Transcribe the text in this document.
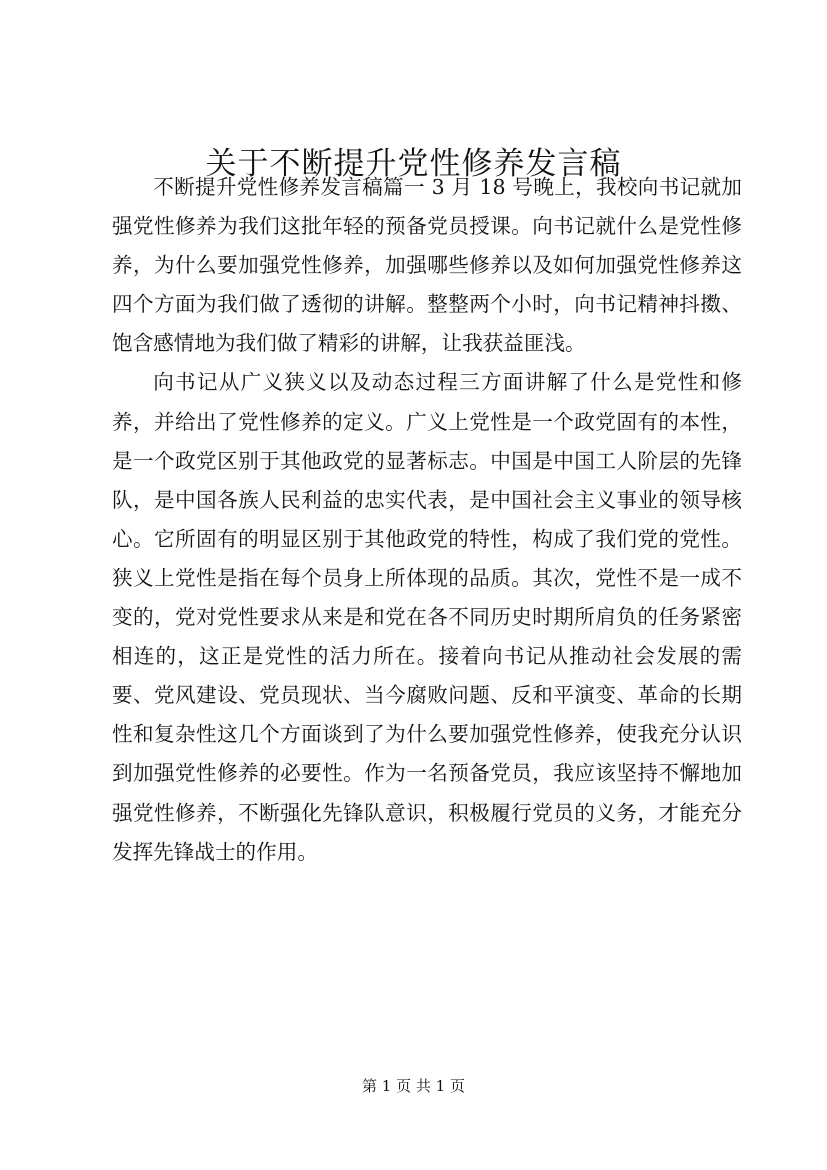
关于不断提升党性修养发言稿

不断提升党性修养发言稿篇一 3 月 18 号晚上，我校向书记就加强党性修养为我们这批年轻的预备党员授课。向书记就什么是党性修养，为什么要加强党性修养，加强哪些修养以及如何加强党性修养这四个方面为我们做了透彻的讲解。整整两个小时，向书记精神抖擞、饱含感情地为我们做了精彩的讲解，让我获益匪浅。

向书记从广义狭义以及动态过程三方面讲解了什么是党性和修养，并给出了党性修养的定义。广义上党性是一个政党固有的本性，是一个政党区别于其他政党的显著标志。中国是中国工人阶层的先锋队，是中国各族人民利益的忠实代表，是中国社会主义事业的领导核心。它所固有的明显区别于其他政党的特性，构成了我们党的党性。狭义上党性是指在每个员身上所体现的品质。其次，党性不是一成不变的，党对党性要求从来是和党在各不同历史时期所肩负的任务紧密相连的，这正是党性的活力所在。接着向书记从推动社会发展的需要、党风建设、党员现状、当今腐败问题、反和平演变、革命的长期性和复杂性这几个方面谈到了为什么要加强党性修养，使我充分认识到加强党性修养的必要性。作为一名预备党员，我应该坚持不懈地加强党性修养，不断强化先锋队意识，积极履行党员的义务，才能充分发挥先锋战士的作用。

第 1 页 共 1 页
